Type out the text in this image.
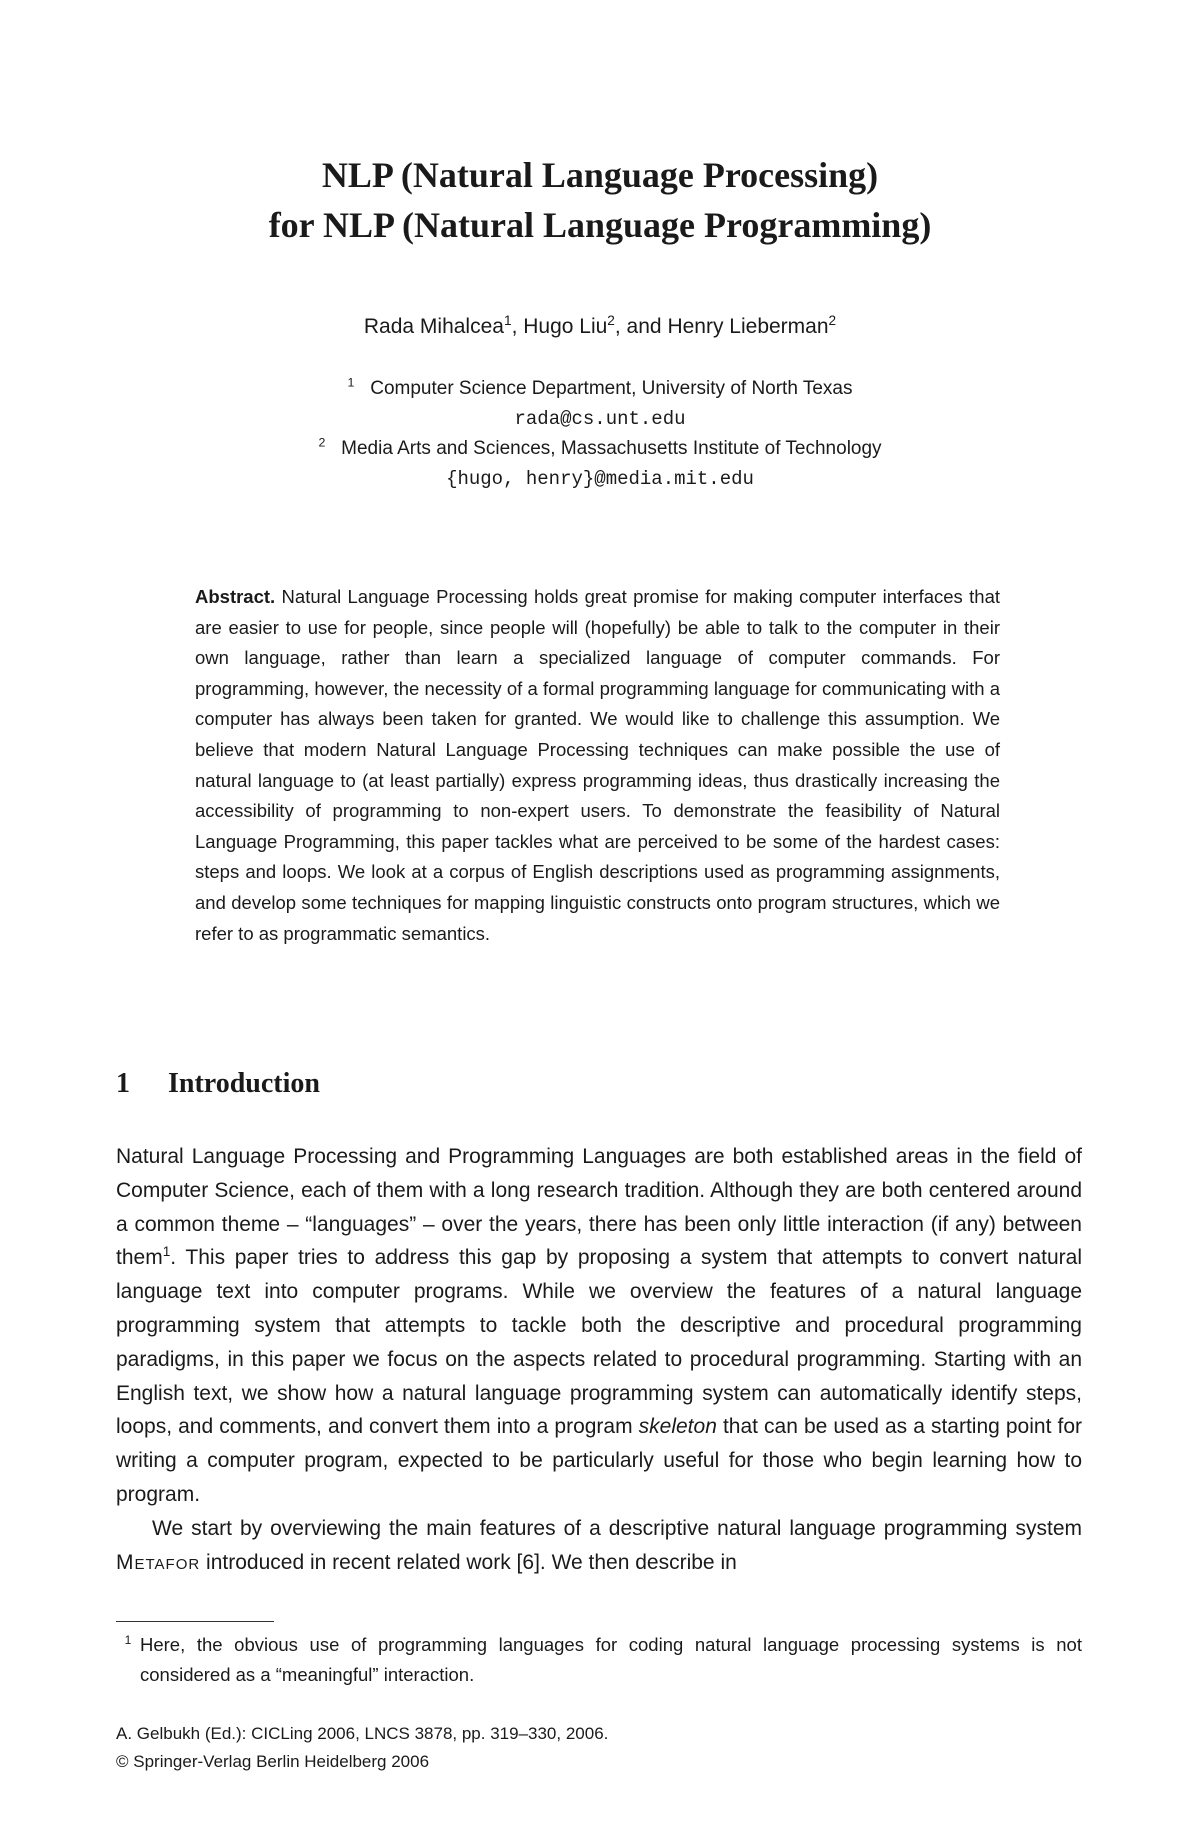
NLP (Natural Language Processing)
for NLP (Natural Language Programming)
Rada Mihalcea$^1$, Hugo Liu$^2$, and Henry Lieberman$^2$
$^1$ Computer Science Department, University of North Texas
rada@cs.unt.edu
$^2$ Media Arts and Sciences, Massachusetts Institute of Technology
{hugo, henry}@media.mit.edu

Abstract. Natural Language Processing holds great promise for making computer interfaces that are easier to use for people, since people will (hopefully) be able to talk to the computer in their own language, rather than learn a specialized language of computer commands. For programming, however, the necessity of a formal programming language for communicating with a computer has always been taken for granted. We would like to challenge this assumption. We believe that modern Natural Language Processing techniques can make possible the use of natural language to (at least partially) express programming ideas, thus drastically increasing the accessibility of programming to non-expert users. To demonstrate the feasibility of Natural Language Programming, this paper tackles what are perceived to be some of the hardest cases: steps and loops. We look at a corpus of English descriptions used as programming assignments, and develop some techniques for mapping linguistic constructs onto program structures, which we refer to as programmatic semantics.

1 Introduction

Natural Language Processing and Programming Languages are both established areas in the field of Computer Science, each of them with a long research tradition. Although they are both centered around a common theme – “languages” – over the years, there has been only little interaction (if any) between them$^1$. This paper tries to address this gap by proposing a system that attempts to convert natural language text into computer programs. While we overview the features of a natural language programming system that attempts to tackle both the descriptive and procedural programming paradigms, in this paper we focus on the aspects related to procedural programming. Starting with an English text, we show how a natural language programming system can automatically identify steps, loops, and comments, and convert them into a program skeleton that can be used as a starting point for writing a computer program, expected to be particularly useful for those who begin learning how to program.

We start by overviewing the main features of a descriptive natural language programming system Metafor introduced in recent related work [6]. We then describe in

$^1$ Here, the obvious use of programming languages for coding natural language processing systems is not considered as a “meaningful” interaction.
A. Gelbukh (Ed.): CICLing 2006, LNCS 3878, pp. 319–330, 2006.
© Springer-Verlag Berlin Heidelberg 2006
